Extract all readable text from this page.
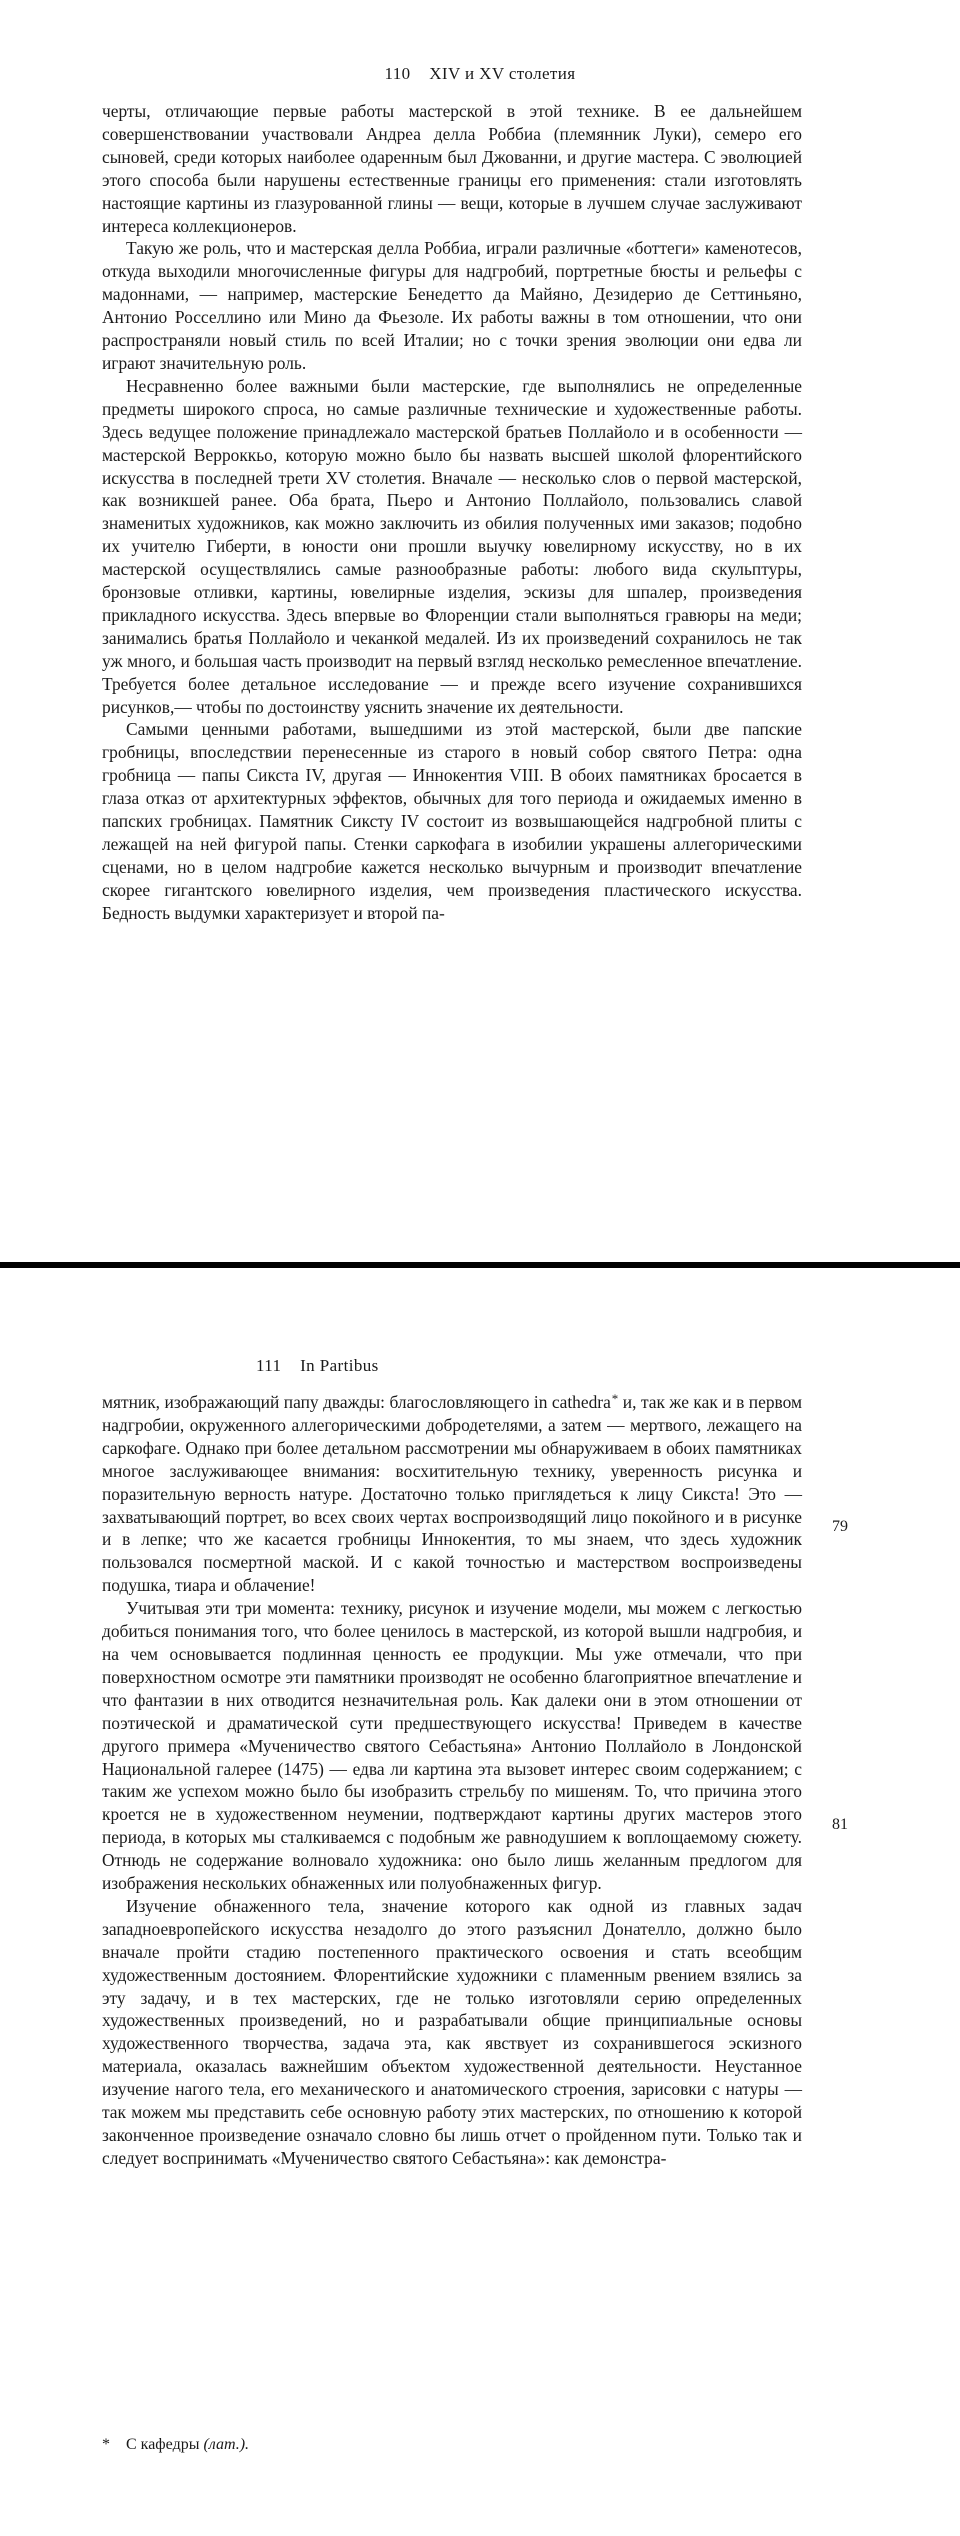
110 XIV и XV столетия

черты, отличающие первые работы мастерской в этой технике. В ее дальнейшем совершенствовании участвовали Андреа делла Роббиа (племянник Луки), семеро его сыновей, среди которых наиболее одаренным был Джованни, и другие мастера. С эволюцией этого способа были нарушены естественные границы его применения: стали изготовлять настоящие картины из глазурованной глины — вещи, которые в лучшем случае заслуживают интереса коллекционеров.

Такую же роль, что и мастерская делла Роббиа, играли различные «боттеги» каменотесов, откуда выходили многочисленные фигуры для надгробий, портретные бюсты и рельефы с мадоннами, — например, мастерские Бенедетто да Майяно, Дезидерио де Сеттиньяно, Антонио Росселлино или Мино да Фьезоле. Их работы важны в том отношении, что они распространяли новый стиль по всей Италии; но с точки зрения эволюции они едва ли играют значительную роль.

Несравненно более важными были мастерские, где выполнялись не определенные предметы широкого спроса, но самые различные технические и художественные работы. Здесь ведущее положение принадлежало мастерской братьев Поллайоло и в особенности — мастерской Верроккьо, которую можно было бы назвать высшей школой флорентийского искусства в последней трети XV столетия. Вначале — несколько слов о первой мастерской, как возникшей ранее. Оба брата, Пьеро и Антонио Поллайоло, пользовались славой знаменитых художников, как можно заключить из обилия полученных ими заказов; подобно их учителю Гиберти, в юности они прошли выучку ювелирному искусству, но в их мастерской осуществлялись самые разнообразные работы: любого вида скульптуры, бронзовые отливки, картины, ювелирные изделия, эскизы для шпалер, произведения прикладного искусства. Здесь впервые во Флоренции стали выполняться гравюры на меди; занимались братья Поллайоло и чеканкой медалей. Из их произведений сохранилось не так уж много, и большая часть производит на первый взгляд несколько ремесленное впечатление. Требуется более детальное исследование — и прежде всего изучение сохранившихся рисунков,— чтобы по достоинству уяснить значение их деятельности.

Самыми ценными работами, вышедшими из этой мастерской, были две папские гробницы, впоследствии перенесенные из старого в новый собор святого Петра: одна гробница — папы Сикста IV, другая — Иннокентия VIII. В обоих памятниках бросается в глаза отказ от архитектурных эффектов, обычных для того периода и ожидаемых именно в папских гробницах. Памятник Сиксту IV состоит из возвышающейся надгробной плиты с лежащей на ней фигурой папы. Стенки саркофага в изобилии украшены аллегорическими сценами, но в целом надгробие кажется несколько вычурным и производит впечатление скорее гигантского ювелирного изделия, чем произведения пластического искусства. Бедность выдумки характеризует и второй па-

111 In Partibus

мятник, изображающий папу дважды: благословляющего in cathedra* и, так же как и в первом надгробии, окруженного аллегорическими добродетелями, а затем — мертвого, лежащего на саркофаге. Однако при более детальном рассмотрении мы обнаруживаем в обоих памятниках многое заслуживающее внимания: восхитительную технику, уверенность рисунка и поразительную верность натуре. Достаточно только приглядеться к лицу Сикста! Это — захватывающий портрет, во всех своих чертах воспроизводящий лицо покойного и в рисунке и в лепке; что же касается гробницы Иннокентия, то мы знаем, что здесь художник пользовался посмертной маской. И с какой точностью и мастерством воспроизведены подушка, тиара и облачение!

Учитывая эти три момента: технику, рисунок и изучение модели, мы можем с легкостью добиться понимания того, что более ценилось в мастерской, из которой вышли надгробия, и на чем основывается подлинная ценность ее продукции. Мы уже отмечали, что при поверхностном осмотре эти памятники производят не особенно благоприятное впечатление и что фантазии в них отводится незначительная роль. Как далеки они в этом отношении от поэтической и драматической сути предшествующего искусства! Приведем в качестве другого примера «Мученичество святого Себастьяна» Антонио Поллайоло в Лондонской Национальной галерее (1475) — едва ли картина эта вызовет интерес своим содержанием; с таким же успехом можно было бы изобразить стрельбу по мишеням. То, что причина этого кроется не в художественном неумении, подтверждают картины других мастеров этого периода, в которых мы сталкиваемся с подобным же равнодушием к воплощаемому сюжету. Отнюдь не содержание волновало художника: оно было лишь желанным предлогом для изображения нескольких обнаженных или полуобнаженных фигур.

Изучение обнаженного тела, значение которого как одной из главных задач западноевропейского искусства незадолго до этого разъяснил Донателло, должно было вначале пройти стадию постепенного практического освоения и стать всеобщим художественным достоянием. Флорентийские художники с пламенным рвением взялись за эту задачу, и в тех мастерских, где не только изготовляли серию определенных художественных произведений, но и разрабатывали общие принципиальные основы художественного творчества, задача эта, как явствует из сохранившегося эскизного материала, оказалась важнейшим объектом художественной деятельности. Неустанное изучение нагого тела, его механического и анатомического строения, зарисовки с натуры — так можем мы представить себе основную работу этих мастерских, по отношению к которой законченное произведение означало словно бы лишь отчет о пройденном пути. Только так и следует воспринимать «Мученичество святого Себастьяна»: как демонстра-

79
81
* С кафедры (лат.).
